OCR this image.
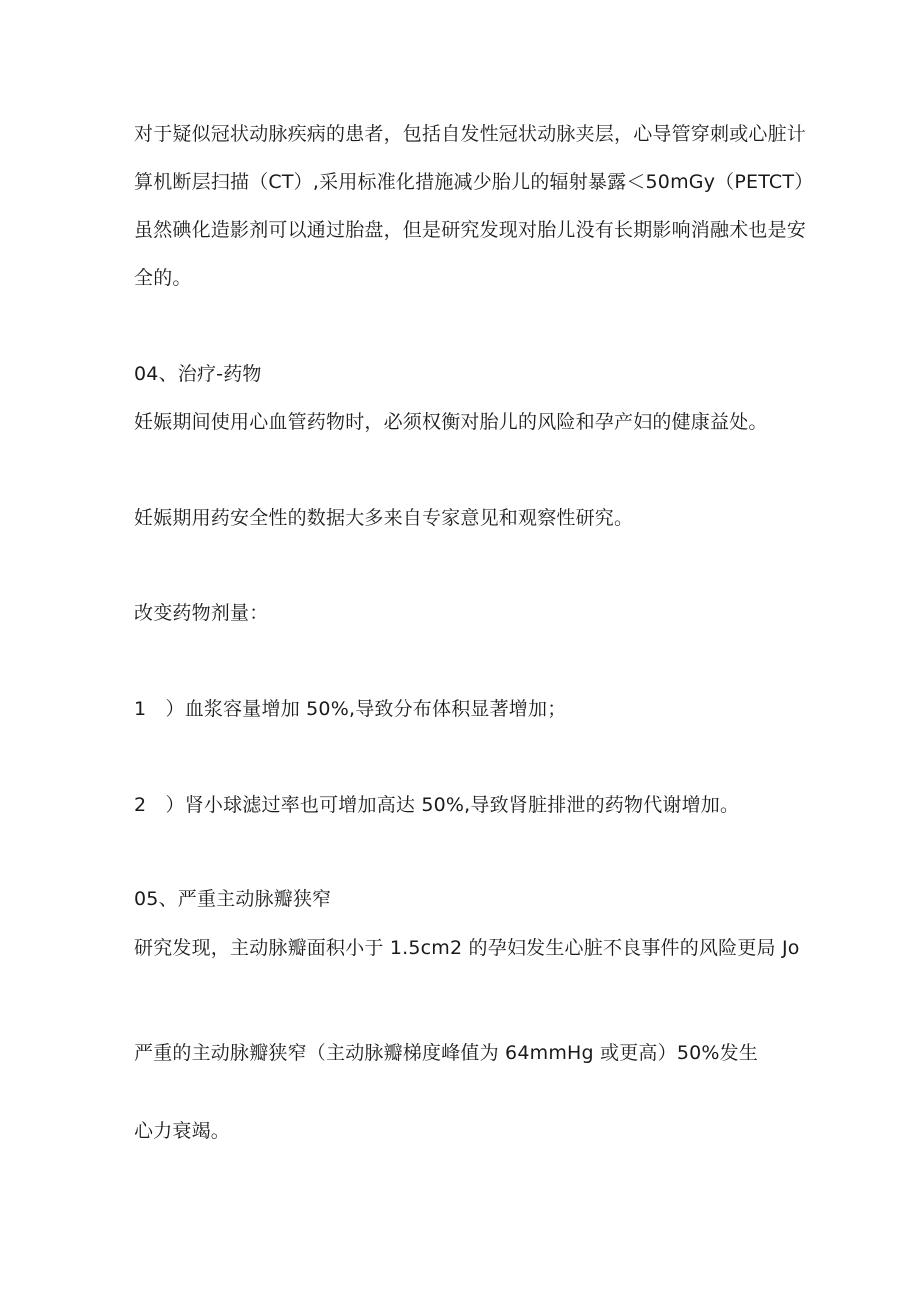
对于疑似冠状动脉疾病的患者，包括自发性冠状动脉夹层，心导管穿刺或心脏计
算机断层扫描（CT）,采用标准化措施减少胎儿的辐射暴露＜50mGy（PETCT）
虽然碘化造影剂可以通过胎盘，但是研究发现对胎儿没有长期影响消融术也是安
全的。
04、治疗-药物
妊娠期间使用心血管药物时，必须权衡对胎儿的风险和孕产妇的健康益处。
妊娠期用药安全性的数据大多来自专家意见和观察性研究。
改变药物剂量：
1　）血浆容量增加 50%,导致分布体积显著增加；
2　）肾小球滤过率也可增加高达 50%,导致肾脏排泄的药物代谢增加。
05、严重主动脉瓣狭窄
研究发现，主动脉瓣面积小于 1.5cm2 的孕妇发生心脏不良事件的风险更局 Jo
严重的主动脉瓣狭窄（主动脉瓣梯度峰值为 64mmHg 或更高）50%发生
心力衰竭。
